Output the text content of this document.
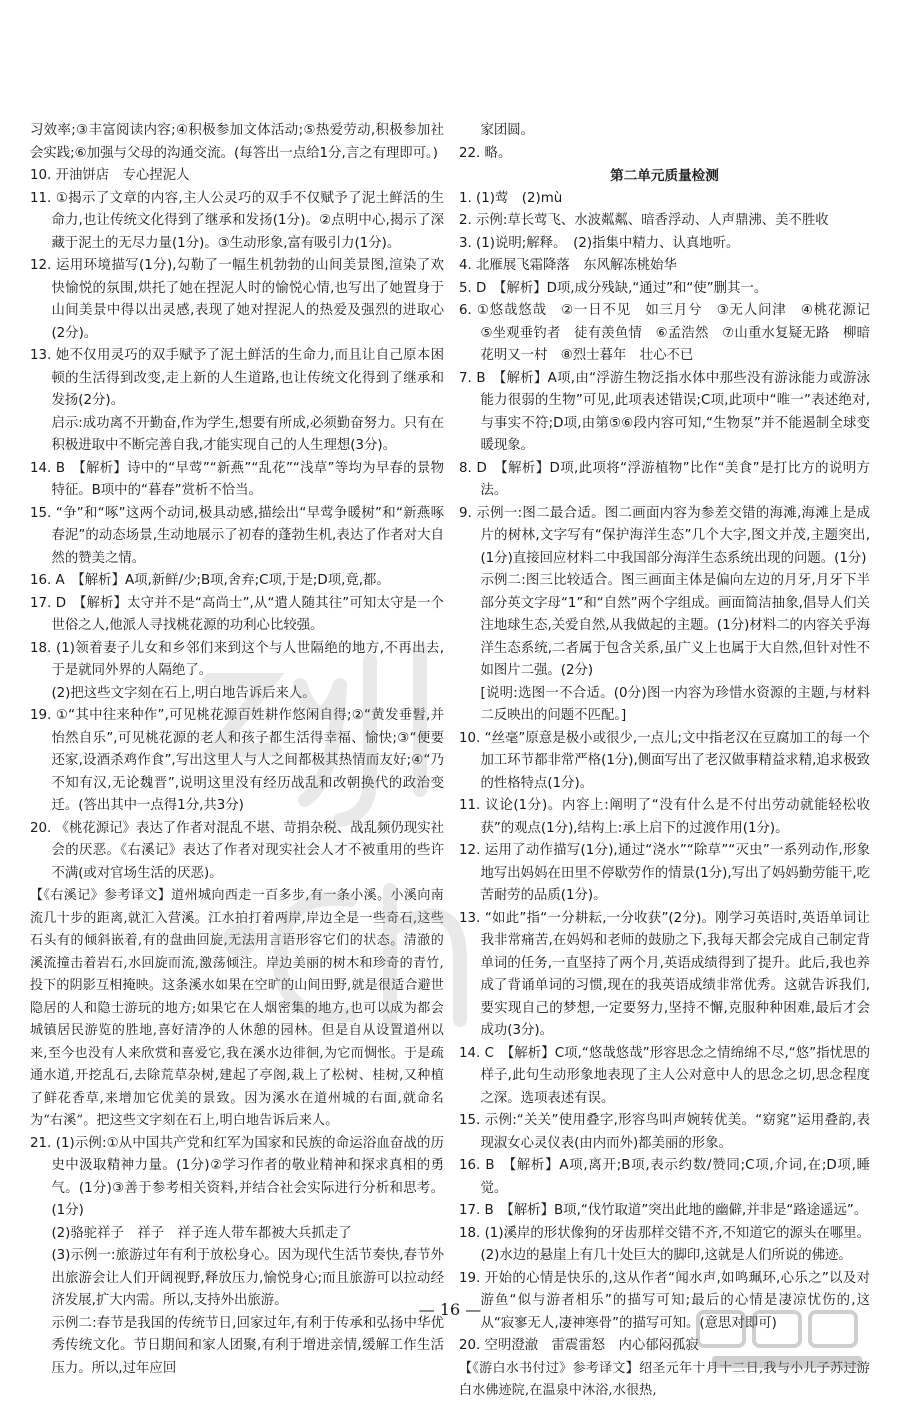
习效率;③丰富阅读内容;④积极参加文体活动;⑤热爱劳动,积极参加社会实践;⑥加强与父母的沟通交流。(每答出一点给1分,言之有理即可。)

10. 开油饼店　专心捏泥人

11. ①揭示了文章的内容,主人公灵巧的双手不仅赋予了泥土鲜活的生命力,也让传统文化得到了继承和发扬(1分)。②点明中心,揭示了深藏于泥土的无尽力量(1分)。③生动形象,富有吸引力(1分)。

12. 运用环境描写(1分),勾勒了一幅生机勃勃的山间美景图,渲染了欢快愉悦的氛围,烘托了她在捏泥人时的愉悦心情,也写出了她置身于山间美景中得以出灵感,表现了她对捏泥人的热爱及强烈的进取心(2分)。

13. 她不仅用灵巧的双手赋予了泥土鲜活的生命力,而且让自己原本困顿的生活得到改变,走上新的人生道路,也让传统文化得到了继承和发扬(2分)。

启示:成功离不开勤奋,作为学生,想要有所成,必须勤奋努力。只有在积极进取中不断完善自我,才能实现自己的人生理想(3分)。

14. B　【解析】诗中的“早莺”“新燕”“乱花”“浅草”等均为早春的景物特征。B项中的“暮春”赏析不恰当。

15. “争”和“啄”这两个动词,极具动感,描绘出“早莺争暖树”和“新燕啄春泥”的动态场景,生动地展示了初春的蓬勃生机,表达了作者对大自然的赞美之情。

16. A　【解析】A项,新鲜/少;B项,舍弃;C项,于是;D项,竟,都。

17. D　【解析】太守并不是“高尚士”,从“遣人随其往”可知太守是一个世俗之人,他派人寻找桃花源的功利心比较强。

18. (1)领着妻子儿女和乡邻们来到这个与人世隔绝的地方,不再出去,于是就同外界的人隔绝了。

(2)把这些文字刻在石上,明白地告诉后来人。

19. ①“其中往来种作”,可见桃花源百姓耕作悠闲自得;②“黄发垂髫,并怡然自乐”,可见桃花源的老人和孩子都生活得幸福、愉快;③“便要还家,设酒杀鸡作食”,写出这里人与人之间都极其热情而友好;④“乃不知有汉,无论魏晋”,说明这里没有经历战乱和改朝换代的政治变迁。(答出其中一点得1分,共3分)

20. 《桃花源记》表达了作者对混乱不堪、苛捐杂税、战乱频仍现实社会的厌恶。《右溪记》表达了作者对现实社会人才不被重用的些许不满(或对官场生活的厌恶)。

【《右溪记》参考译文】道州城向西走一百多步,有一条小溪。小溪向南流几十步的距离,就汇入营溪。江水拍打着两岸,岸边全是一些奇石,这些石头有的倾斜嵌着,有的盘曲回旋,无法用言语形容它们的状态。清澈的溪流撞击着岩石,水回旋而流,激荡倾注。岸边美丽的树木和珍奇的青竹,投下的阴影互相掩映。这条溪水如果在空旷的山间田野,就是很适合避世隐居的人和隐士游玩的地方;如果它在人烟密集的地方,也可以成为都会城镇居民游览的胜地,喜好清净的人休憩的园林。但是自从设置道州以来,至今也没有人来欣赏和喜爱它,我在溪水边徘徊,为它而惆怅。于是疏通水道,开挖乱石,去除荒草杂树,建起了亭阁,栽上了松树、桂树,又种植了鲜花香草,来增加它优美的景致。因为溪水在道州城的右面,就命名为“右溪”。把这些文字刻在石上,明白地告诉后来人。

21. (1)示例:①从中国共产党和红军为国家和民族的命运浴血奋战的历史中汲取精神力量。(1分)②学习作者的敬业精神和探求真相的勇气。(1分)③善于参考相关资料,并结合社会实际进行分析和思考。(1分)

(2)骆驼祥子　祥子　祥子连人带车都被大兵抓走了

(3)示例一:旅游过年有利于放松身心。因为现代生活节奏快,春节外出旅游会让人们开阔视野,释放压力,愉悦身心;而且旅游可以拉动经济发展,扩大内需。所以,支持外出旅游。

示例二:春节是我国的传统节日,回家过年,有利于传承和弘扬中华优秀传统文化。节日期间和家人团聚,有利于增进亲情,缓解工作生活压力。所以,过年应回

家团圆。

22. 略。

第二单元质量检测

1. (1)莺　(2)mù

2. 示例:草长莺飞、水波粼粼、暗香浮动、人声鼎沸、美不胜收

3. (1)说明;解释。　(2)指集中精力、认真地听。

4. 北雁展飞霜降落　东风解冻桃始华

5. D　【解析】D项,成分残缺,“通过”和“使”删其一。

6. ①悠哉悠哉　②一日不见　如三月兮　③无人问津　④桃花源记　⑤坐观垂钓者　徒有羡鱼情　⑥孟浩然　⑦山重水复疑无路　柳暗花明又一村　⑧烈士暮年　壮心不已

7. B　【解析】A项,由“浮游生物泛指水体中那些没有游泳能力或游泳能力很弱的生物”可见,此项表述错误;C项,此项中“唯一”表述绝对,与事实不符;D项,由第⑤⑥段内容可知,“生物泵”并不能遏制全球变暖现象。

8. D　【解析】D项,此项将“浮游植物”比作“美食”是打比方的说明方法。

9. 示例一:图二最合适。图二画面内容为参差交错的海滩,海滩上是成片的树林,文字写有“保护海洋生态”几个大字,图文并茂,主题突出,(1分)直接回应材料二中我国部分海洋生态系统出现的问题。(1分)

示例二:图三比较适合。图三画面主体是偏向左边的月牙,月牙下半部分英文字母“1”和“自然”两个字组成。画面简洁抽象,倡导人们关注地球生态,关爱自然,从我做起的主题。(1分)材料二的内容关乎海洋生态系统,二者属于包含关系,虽广义上也属于大自然,但针对性不如图片二强。(2分)

[说明:选图一不合适。(0分)图一内容为珍惜水资源的主题,与材料二反映出的问题不匹配。]

10. “丝毫”原意是极小或很少,一点儿;文中指老汉在豆腐加工的每一个加工环节都非常严格(1分),侧面写出了老汉做事精益求精,追求极致的性格特点(1分)。

11. 议论(1分)。内容上:阐明了“没有什么是不付出劳动就能轻松收获”的观点(1分),结构上:承上启下的过渡作用(1分)。

12. 运用了动作描写(1分),通过“浇水”“除草”“灭虫”一系列动作,形象地写出妈妈在田里不停歇劳作的情景(1分),写出了妈妈勤劳能干,吃苦耐劳的品质(1分)。

13. “如此”指“一分耕耘,一分收获”(2分)。刚学习英语时,英语单词让我非常痛苦,在妈妈和老师的鼓励之下,我每天都会完成自己制定背单词的任务,一直坚持了两个月,英语成绩得到了提升。此后,我也养成了背诵单词的习惯,现在的我英语成绩非常优秀。这就告诉我们,要实现自己的梦想,一定要努力,坚持不懈,克服种种困难,最后才会成功(3分)。

14. C　【解析】C项,“悠哉悠哉”形容思念之情绵绵不尽,“悠”指忧思的样子,此句生动形象地表现了主人公对意中人的思念之切,思念程度之深。选项表述有误。

15. 示例:“关关”使用叠字,形容鸟叫声婉转优美。“窈窕”运用叠韵,表现淑女心灵仪表(由内而外)都美丽的形象。

16. B　【解析】A项,离开;B项,表示约数/赞同;C项,介词,在;D项,睡觉。

17. B　【解析】B项,“伐竹取道”突出此地的幽僻,并非是“路途遥远”。

18. (1)溪岸的形状像狗的牙齿那样交错不齐,不知道它的源头在哪里。(2)水边的悬崖上有几十处巨大的脚印,这就是人们所说的佛迹。

19. 开始的心情是快乐的,这从作者“闻水声,如鸣珮环,心乐之”以及对游鱼“似与游者相乐”的描写可知;最后的心情是凄凉忧伤的,这从“寂寥无人,凄神寒骨”的描写可知。(意思对即可)

20. 空明澄澈　雷震雷怒　内心郁闷孤寂

【《游白水书付过》参考译文】绍圣元年十月十二日,我与小儿子苏过游白水佛迹院,在温泉中沐浴,水很热,

— 16 —
